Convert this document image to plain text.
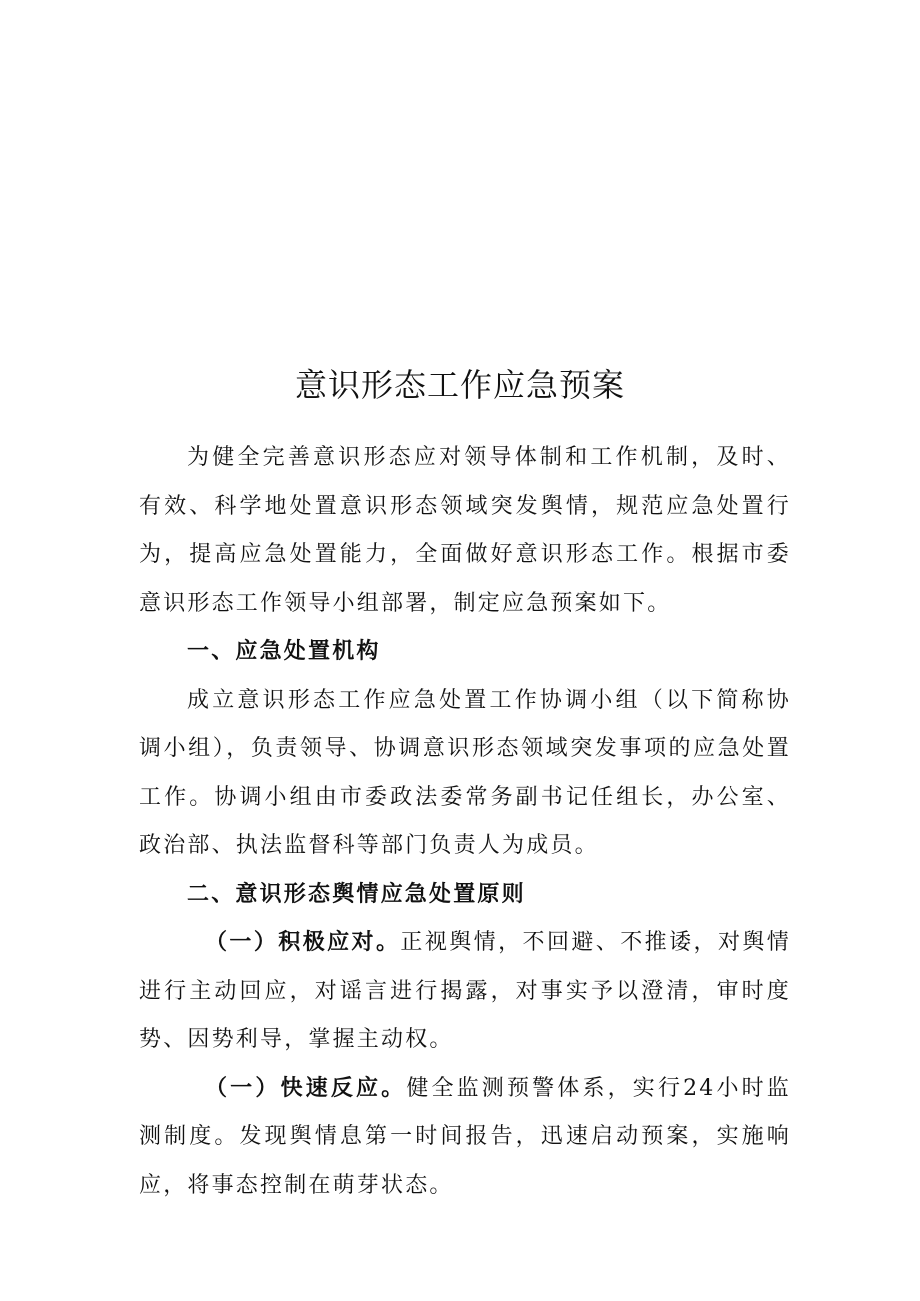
意识形态工作应急预案

为健全完善意识形态应对领导体制和工作机制，及时、有效、科学地处置意识形态领域突发舆情，规范应急处置行为，提高应急处置能力，全面做好意识形态工作。根据市委意识形态工作领导小组部署，制定应急预案如下。

一、应急处置机构

成立意识形态工作应急处置工作协调小组（以下简称协调小组），负责领导、协调意识形态领域突发事项的应急处置工作。协调小组由市委政法委常务副书记任组长，办公室、政治部、执法监督科等部门负责人为成员。

二、意识形态舆情应急处置原则

（一）积极应对。正视舆情，不回避、不推诿，对舆情进行主动回应，对谣言进行揭露，对事实予以澄清，审时度势、因势利导，掌握主动权。

（一）快速反应。健全监测预警体系，实行24小时监测制度。发现舆情息第一时间报告，迅速启动预案，实施响应，将事态控制在萌芽状态。
